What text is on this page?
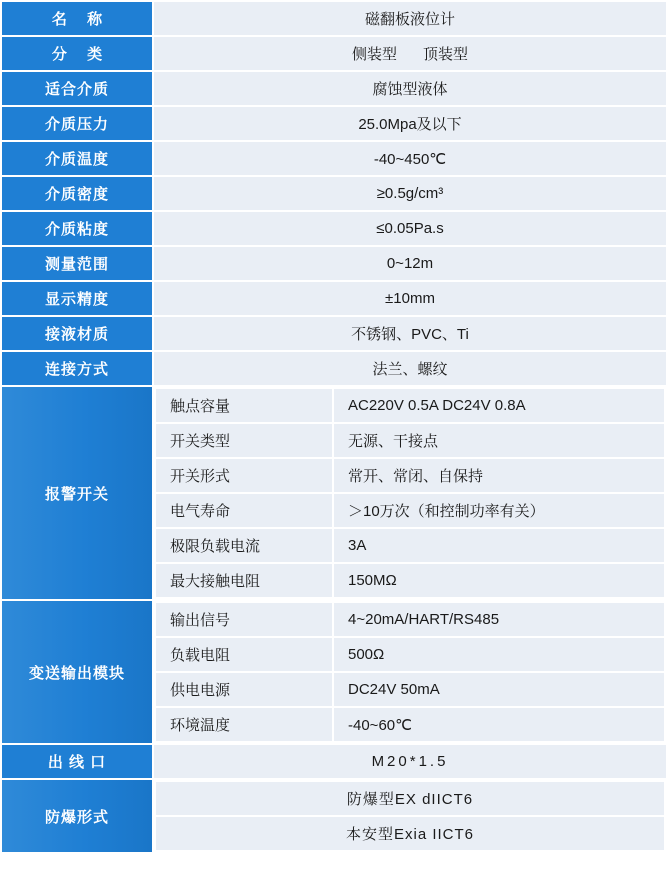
名 称	磁翻板液位计
分 类	侧装型 顶装型
适合介质	腐蚀型液体
介质压力	25.0Mpa及以下
介质温度	-40~450℃
介质密度	≥0.5g/cm³
介质粘度	≤0.05Pa.s
测量范围	0~12m
显示精度	±10mm
接液材质	不锈钢、PVC、Ti
连接方式	法兰、螺纹
报警开关	
触点容量	AC220V 0.5A DC24V 0.8A
开关类型	无源、干接点
开关形式	常开、常闭、自保持
电气寿命	＞10万次（和控制功率有关）
极限负载电流	3A
最大接触电阻	150MΩ

变送输出模块	
输出信号	4~20mA/HART/RS485
负载电阻	500Ω
供电电源	DC24V 50mA
环境温度	-40~60℃

出 线 口	M20*1.5
防爆形式	
防爆型EX dIICT6
本安型Exia IICT6
